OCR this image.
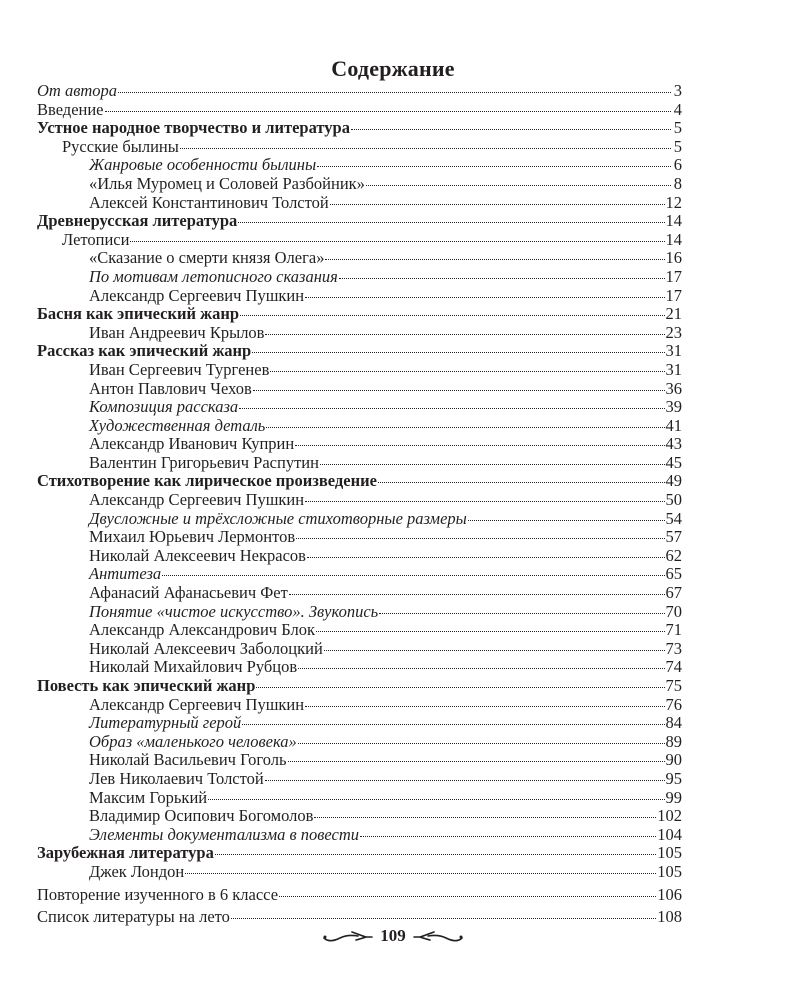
Содержание
От автора	3
Введение	4
Устное народное творчество и литература	5
Русские былины	5
Жанровые особенности былины	6
«Илья Муромец и Соловей Разбойник»	8
Алексей Константинович Толстой	12
Древнерусская литература	14
Летописи	14
«Сказание о смерти князя Олега»	16
По мотивам летописного сказания	17
Александр Сергеевич Пушкин	17
Басня как эпический жанр	21
Иван Андреевич Крылов	23
Рассказ как эпический жанр	31
Иван Сергеевич Тургенев	31
Антон Павлович Чехов	36
Композиция рассказа	39
Художественная деталь	41
Александр Иванович Куприн	43
Валентин Григорьевич Распутин	45
Стихотворение как лирическое произведение	49
Александр Сергеевич Пушкин	50
Двусложные и трёхсложные стихотворные размеры	54
Михаил Юрьевич Лермонтов	57
Николай Алексеевич Некрасов	62
Антитеза	65
Афанасий Афанасьевич Фет	67
Понятие «чистое искусство». Звукопись	70
Александр Александрович Блок	71
Николай Алексеевич Заболоцкий	73
Николай Михайлович Рубцов	74
Повесть как эпический жанр	75
Александр Сергеевич Пушкин	76
Литературный герой	84
Образ «маленького человека»	89
Николай Васильевич Гоголь	90
Лев Николаевич Толстой	95
Максим Горький	99
Владимир Осипович Богомолов	102
Элементы документализма в повести	104
Зарубежная литература	105
Джек Лондон	105
Повторение изученного в 6 классе	106
Список литературы на лето	108
109
